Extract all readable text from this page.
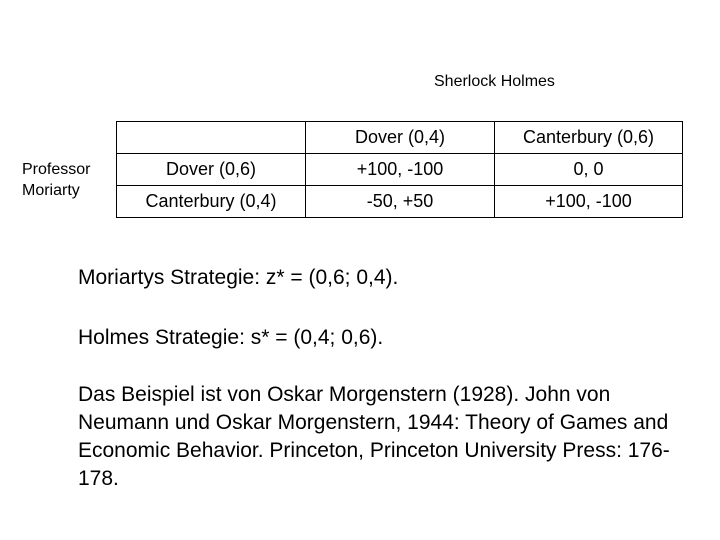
Sherlock Holmes
Professor
Moriarty
	Dover (0,4)	Canterbury (0,6)
Dover (0,6)	+100, -100	0, 0
Canterbury (0,4)	-50, +50	+100, -100
Moriartys Strategie: z* = (0,6; 0,4).
Holmes Strategie: s* = (0,4; 0,6).
Das Beispiel ist von Oskar Morgenstern (1928). John von Neumann und Oskar Morgenstern, 1944: Theory of Games and Economic Behavior. Princeton, Princeton University Press: 176-178.
